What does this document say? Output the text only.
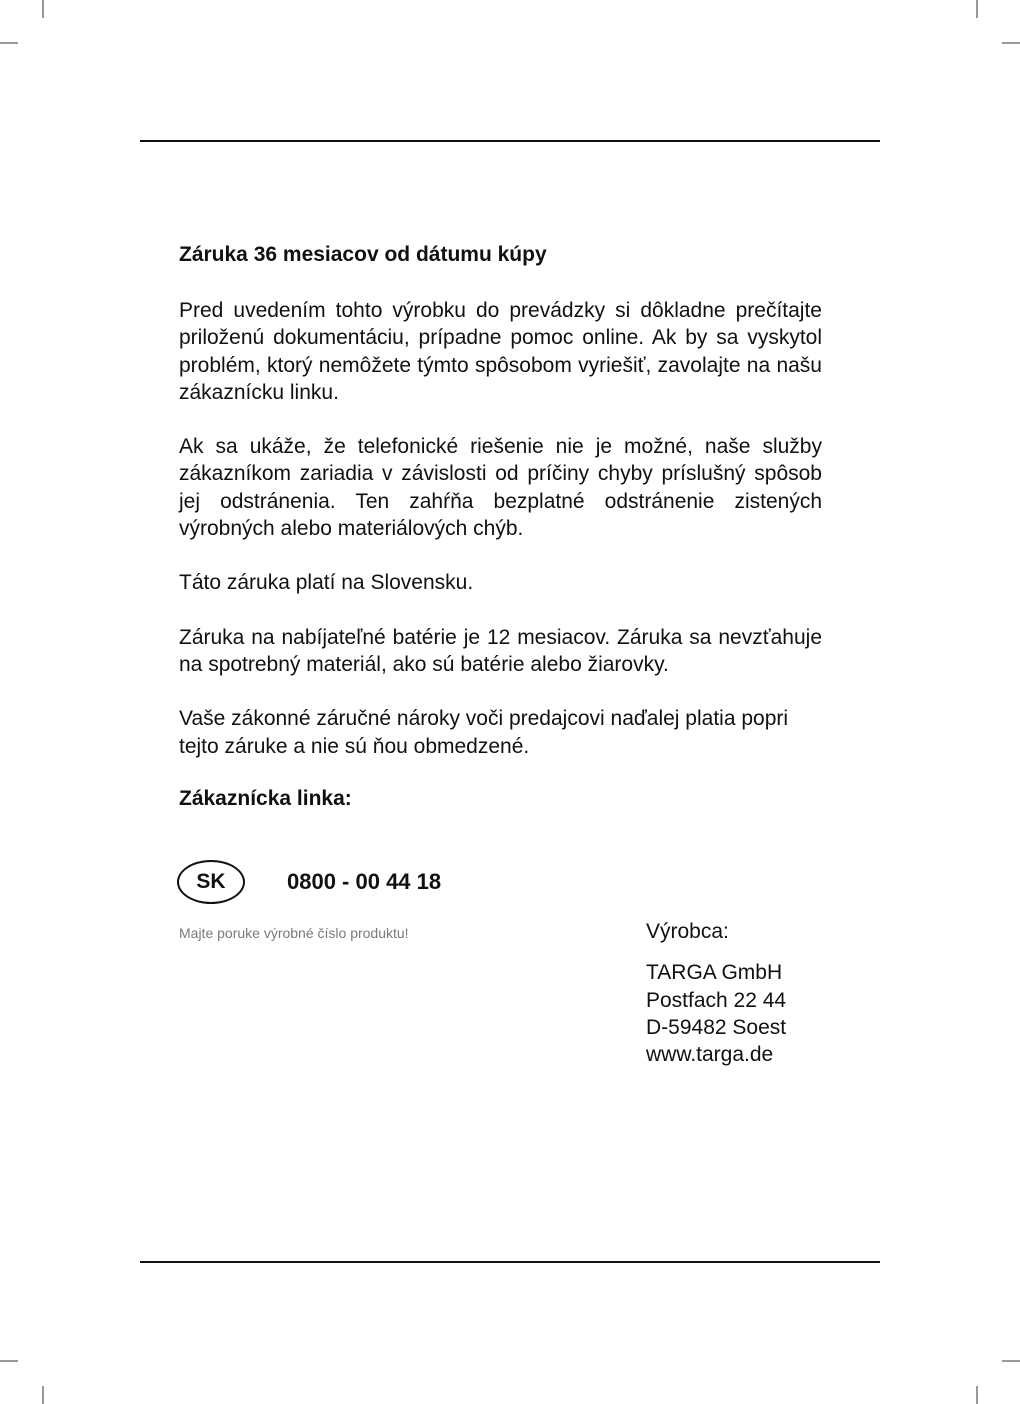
Záruka 36 mesiacov od dátumu kúpy

Pred uvedením tohto výrobku do prevádzky si dôkladne prečítajte priloženú dokumentáciu, prípadne pomoc online. Ak by sa vyskytol problém, ktorý nemôžete týmto spôsobom vyriešiť, zavolajte na našu zákaznícku linku.

Ak sa ukáže, že telefonické riešenie nie je možné, naše služby zákazníkom zariadia v závislosti od príčiny chyby príslušný spôsob jej odstránenia. Ten zahŕňa bezplatné odstránenie zistených výrobných alebo materiálových chýb.

Táto záruka platí na Slovensku.

Záruka na nabíjateľné batérie je 12 mesiacov. Záruka sa nevzťahuje na spotrebný materiál, ako sú batérie alebo žiarovky.

Vaše zákonné záručné nároky voči predajcovi naďalej platia popri tejto záruke a nie sú ňou obmedzené.

Zákaznícka linka:
SK	0800 - 00 44 18
Majte poruke výrobné číslo produktu!	Výrobca:

TARGA GmbH

Postfach 22 44

D-59482 Soest

www.targa.de
